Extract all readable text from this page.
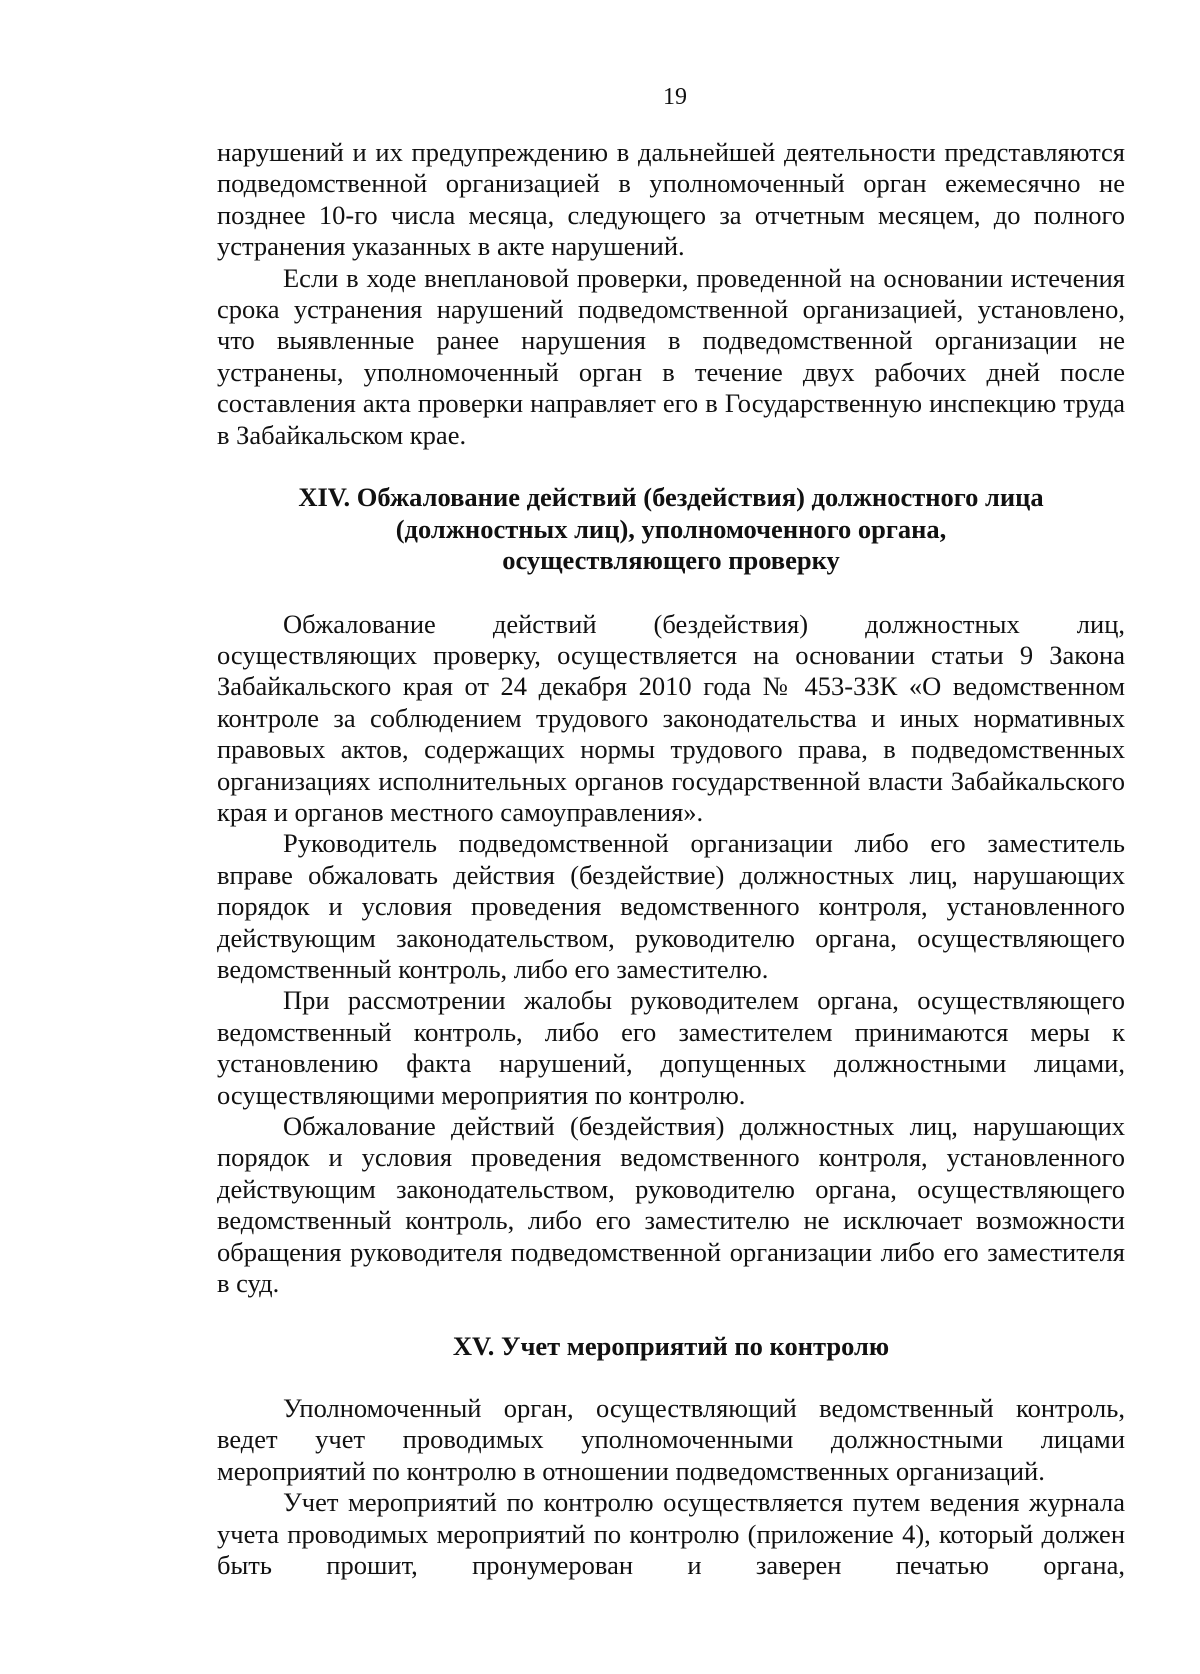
19

нарушений и их предупреждению в дальнейшей деятельности представляются подведомственной организацией в уполномоченный орган ежемесячно не позднее 10-го числа месяца, следующего за отчетным месяцем, до полного устранения указанных в акте нарушений.

Если в ходе внеплановой проверки, проведенной на основании истечения срока устранения нарушений подведомственной организацией, установлено, что выявленные ранее нарушения в подведомственной организации не устранены, уполномоченный орган в течение двух рабочих дней после составления акта проверки направляет его в Государственную инспекцию труда в Забайкальском крае.

XIV. Обжалование действий (бездействия) должностного лица
(должностных лиц), уполномоченного органа,
осуществляющего проверку

Обжалование действий (бездействия) должностных лиц, осуществляющих проверку, осуществляется на основании статьи 9 Закона Забайкальского края от 24 декабря 2010 года № 453-ЗЗК «О ведомственном контроле за соблюдением трудового законодательства и иных нормативных правовых актов, содержащих нормы трудового права, в подведомственных организациях исполнительных органов государственной власти Забайкальского края и органов местного самоуправления».

Руководитель подведомственной организации либо его заместитель вправе обжаловать действия (бездействие) должностных лиц, нарушающих порядок и условия проведения ведомственного контроля, установленного действующим законодательством, руководителю органа, осуществляющего ведомственный контроль, либо его заместителю.

При рассмотрении жалобы руководителем органа, осуществляющего ведомственный контроль, либо его заместителем принимаются меры к установлению факта нарушений, допущенных должностными лицами, осуществляющими мероприятия по контролю.

Обжалование действий (бездействия) должностных лиц, нарушающих порядок и условия проведения ведомственного контроля, установленного действующим законодательством, руководителю органа, осуществляющего ведомственный контроль, либо его заместителю не исключает возможности обращения руководителя подведомственной организации либо его заместителя в суд.

XV. Учет мероприятий по контролю

Уполномоченный орган, осуществляющий ведомственный контроль, ведет учет проводимых уполномоченными должностными лицами мероприятий по контролю в отношении подведомственных организаций.

Учет мероприятий по контролю осуществляется путем ведения журнала учета проводимых мероприятий по контролю (приложение 4), который должен быть прошит, пронумерован и заверен печатью органа,
